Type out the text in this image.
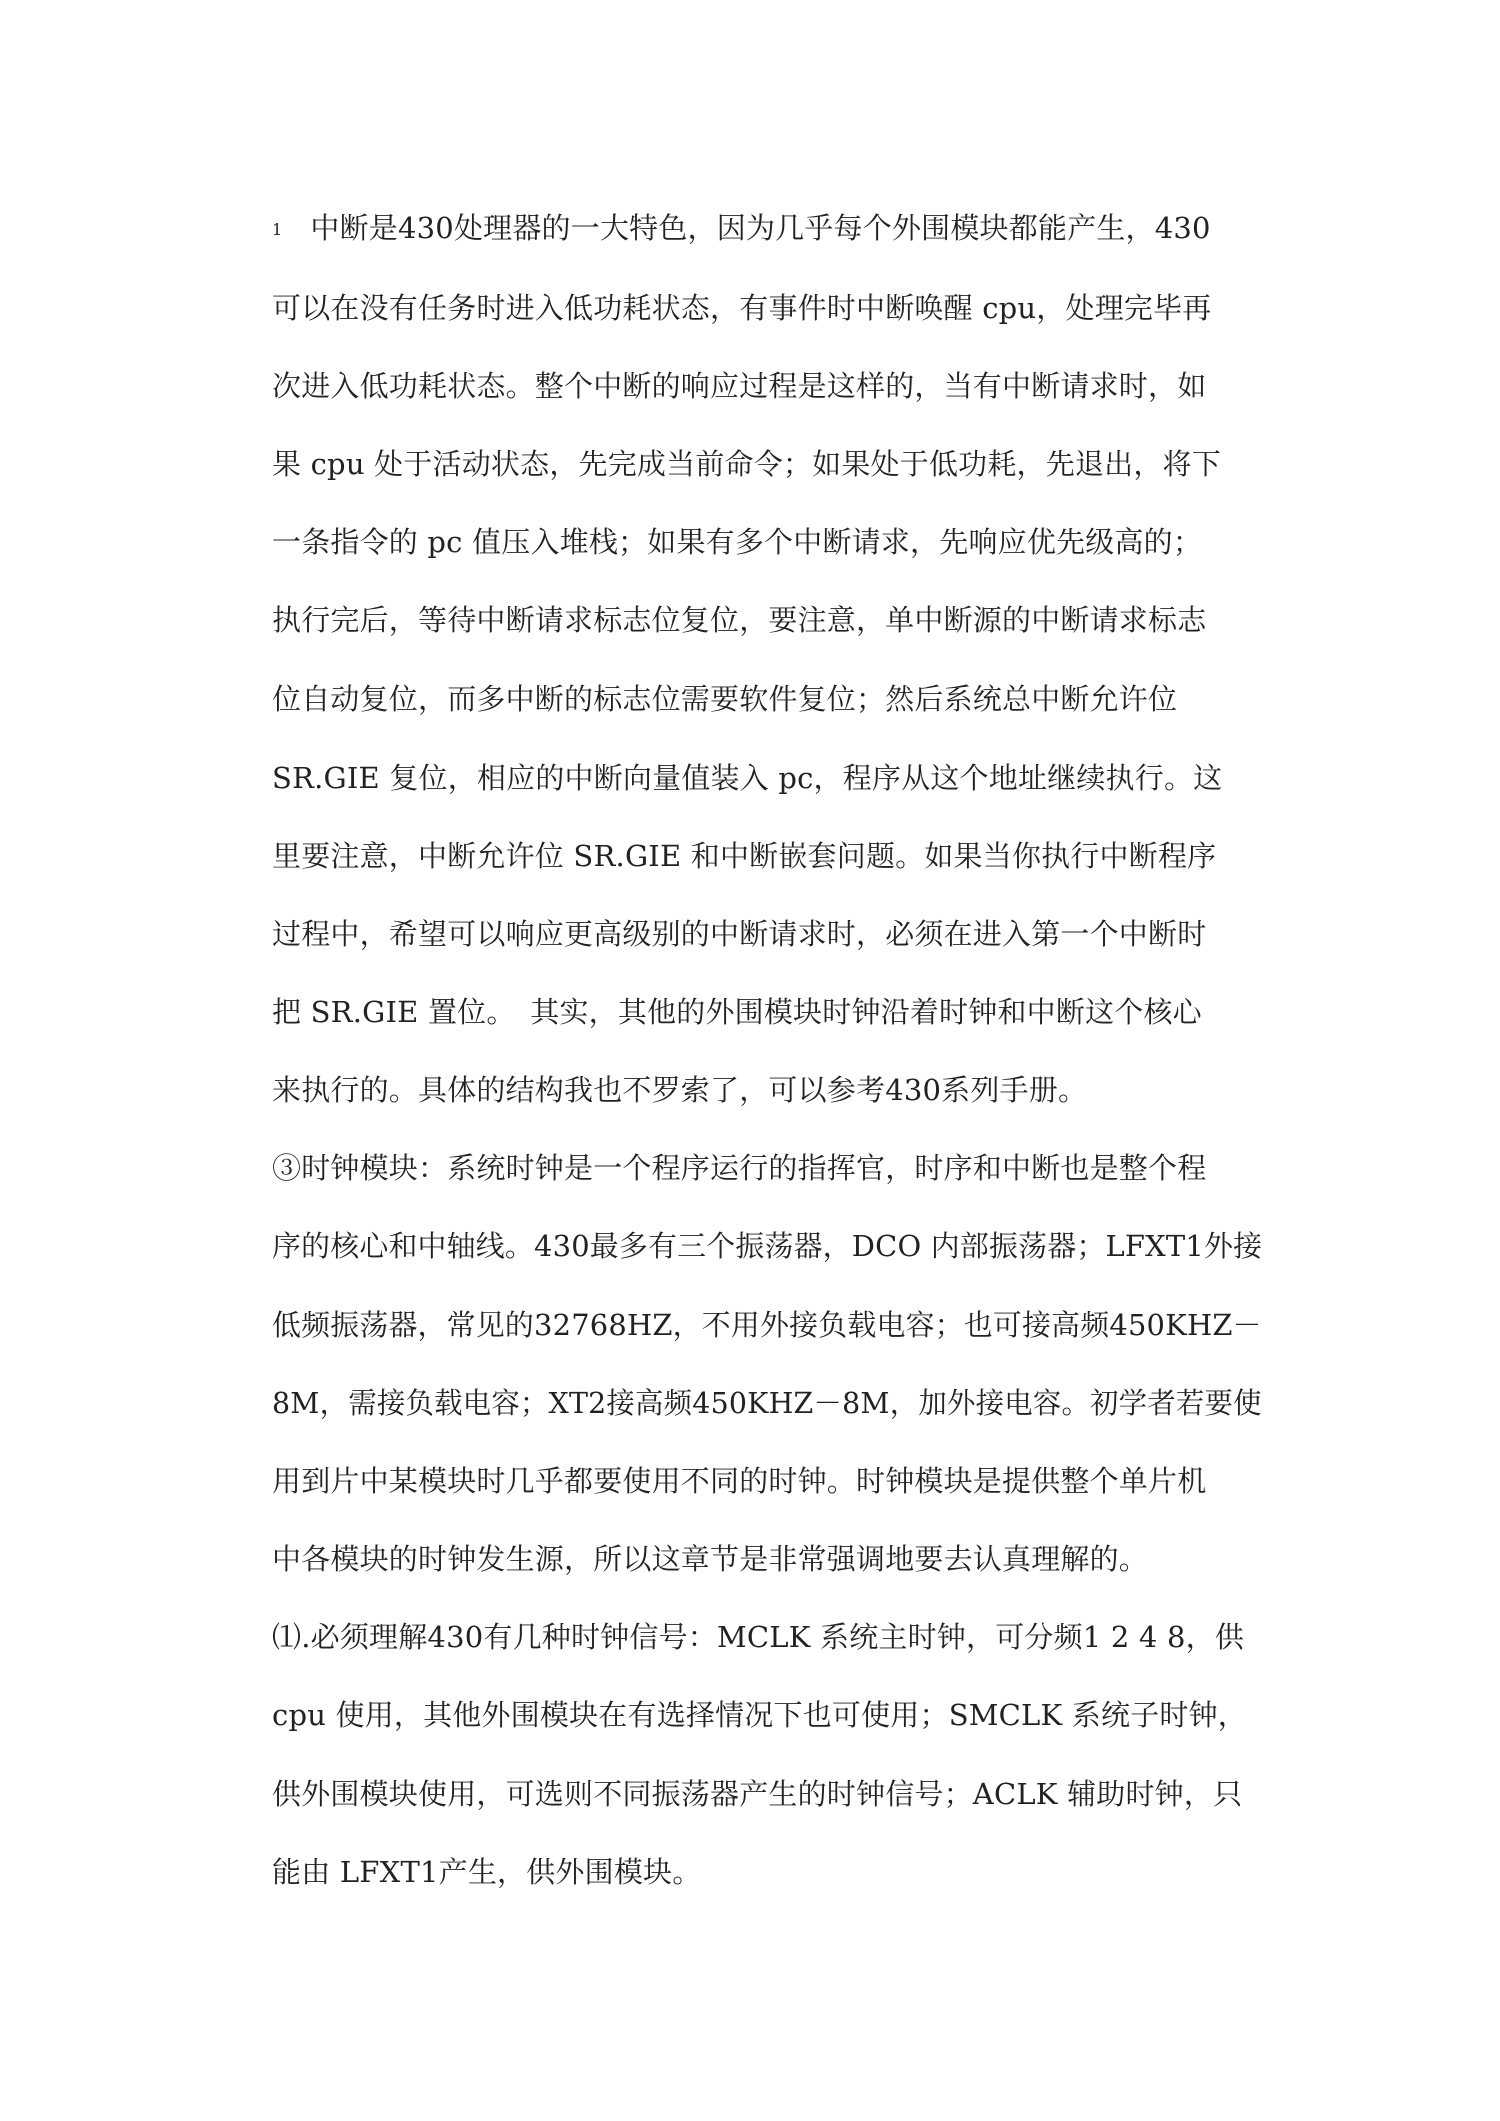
1 中断是430处理器的一大特色，因为几乎每个外围模块都能产生，430
可以在没有任务时进入低功耗状态，有事件时中断唤醒 cpu，处理完毕再
次进入低功耗状态。整个中断的响应过程是这样的，当有中断请求时，如
果 cpu 处于活动状态，先完成当前命令；如果处于低功耗，先退出，将下
一条指令的 pc 值压入堆栈；如果有多个中断请求，先响应优先级高的；
执行完后，等待中断请求标志位复位，要注意，单中断源的中断请求标志
位自动复位，而多中断的标志位需要软件复位；然后系统总中断允许位
SR.GIE 复位，相应的中断向量值装入 pc，程序从这个地址继续执行。这
里要注意，中断允许位 SR.GIE 和中断嵌套问题。如果当你执行中断程序
过程中，希望可以响应更高级别的中断请求时，必须在进入第一个中断时
把 SR.GIE 置位。　其实，其他的外围模块时钟沿着时钟和中断这个核心
来执行的。具体的结构我也不罗索了，可以参考430系列手册。
③时钟模块：系统时钟是一个程序运行的指挥官，时序和中断也是整个程
序的核心和中轴线。430最多有三个振荡器，DCO 内部振荡器；LFXT1外接
低频振荡器，常见的32768HZ，不用外接负载电容；也可接高频450KHZ－
8M，需接负载电容；XT2接高频450KHZ－8M，加外接电容。初学者若要使
用到片中某模块时几乎都要使用不同的时钟。时钟模块是提供整个单片机
中各模块的时钟发生源，所以这章节是非常强调地要去认真理解的。
⑴.必须理解430有几种时钟信号：MCLK 系统主时钟，可分频1 2 4 8，供
cpu 使用，其他外围模块在有选择情况下也可使用；SMCLK 系统子时钟，
供外围模块使用，可选则不同振荡器产生的时钟信号；ACLK 辅助时钟，只
能由 LFXT1产生，供外围模块。
